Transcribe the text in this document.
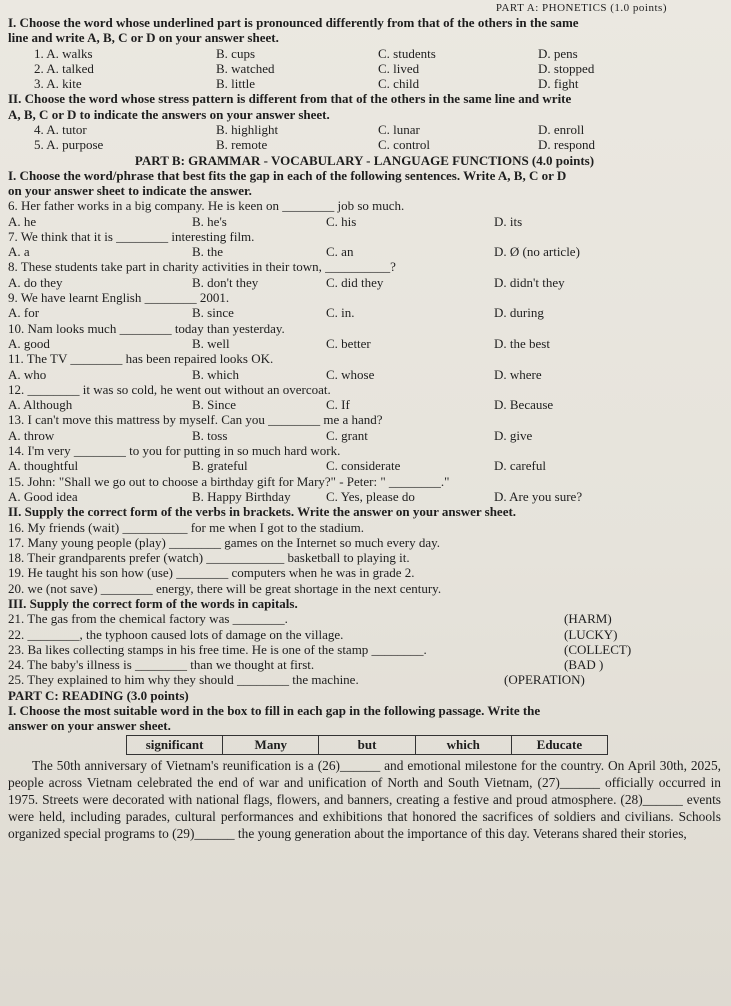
PART A: PHONETICS (1.0 points)
I. Choose the word whose underlined part is pronounced differently from that of the others in the same
line and write A, B, C or D on your answer sheet.
1. A. walks	B. cups	C. students	D. pens
2. A. talked	B. watched	C. lived	D. stopped
3. A. kite	B. little	C. child	D. fight
II. Choose the word whose stress pattern is different from that of the others in the same line and write
A, B, C or D to indicate the answers on your answer sheet.
4. A. tutor	B. highlight	C. lunar	D. enroll
5. A. purpose	B. remote	C. control	D. respond
PART B: GRAMMAR - VOCABULARY - LANGUAGE FUNCTIONS (4.0 points)
I. Choose the word/phrase that best fits the gap in each of the following sentences. Write A, B, C or D
on your answer sheet to indicate the answer.
6. Her father works in a big company. He is keen on ________ job so much.
A. he	B. he's	C. his	D. its
7. We think that it is ________ interesting film.
A. a	B. the	C. an	D. Ø (no article)
8. These students take part in charity activities in their town, __________?
A. do they	B. don't they	C. did they	D. didn't they
9. We have learnt English ________ 2001.
A. for	B. since	C. in.	D. during
10. Nam looks much ________ today than yesterday.
A. good	B. well	C. better	D. the best
11. The TV ________ has been repaired looks OK.
A. who	B. which	C. whose	D. where
12. ________ it was so cold, he went out without an overcoat.
A. Although	B. Since	C. If	D. Because
13. I can't move this mattress by myself. Can you ________ me a hand?
A. throw	B. toss	C. grant	D. give
14. I'm very ________ to you for putting in so much hard work.
A. thoughtful	B. grateful	C. considerate	D. careful
15. John: "Shall we go out to choose a birthday gift for Mary?" - Peter: " ________."
A. Good idea	B. Happy Birthday	C. Yes, please do	D. Are you sure?
II. Supply the correct form of the verbs in brackets. Write the answer on your answer sheet.
16. My friends (wait) __________ for me when I got to the stadium.
17. Many young people (play) ________ games on the Internet so much every day.
18. Their grandparents prefer (watch) ____________ basketball to playing it.
19. He taught his son how (use) ________ computers when he was in grade 2.
20. we (not save) ________ energy, there will be great shortage in the next century.
III. Supply the correct form of the words in capitals.
21. The gas from the chemical factory was ________.	(HARM)
22. ________, the typhoon caused lots of damage on the village.	(LUCKY)
23. Ba likes collecting stamps in his free time. He is one of the stamp ________.	(COLLECT)
24. The baby's illness is ________ than we thought at first.	(BAD )
25. They explained to him why they should ________ the machine.	(OPERATION)
PART C: READING (3.0 points)
I. Choose the most suitable word in the box to fill in each gap in the following passage. Write the
answer on your answer sheet.
significant	Many	but	which	Educate
The 50th anniversary of Vietnam's reunification is a (26)______ and emotional milestone for the country. On April 30th, 2025, people across Vietnam celebrated the end of war and unification of North and South Vietnam, (27)______ officially occurred in 1975. Streets were decorated with national flags, flowers, and banners, creating a festive and proud atmosphere. (28)______ events were held, including parades, cultural performances and exhibitions that honored the sacrifices of soldiers and civilians. Schools organized special programs to (29)______ the young generation about the importance of this day. Veterans shared their stories,
